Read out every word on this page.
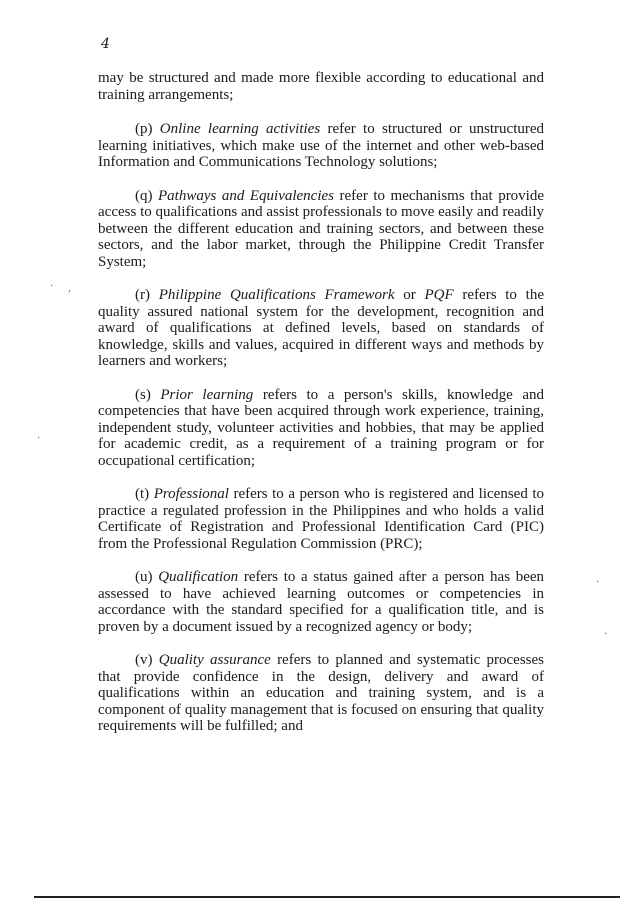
4

may be structured and made more flexible according to educational and training arrangements;

(p) Online learning activities refer to structured or unstructured learning initiatives, which make use of the internet and other web-based Information and Communications Technology solutions;

(q) Pathways and Equivalencies refer to mechanisms that provide access to qualifications and assist professionals to move easily and readily between the different education and training sectors, and between these sectors, and the labor market, through the Philippine Credit Transfer System;

(r) Philippine Qualifications Framework or PQF refers to the quality assured national system for the development, recognition and award of qualifications at defined levels, based on standards of knowledge, skills and values, acquired in different ways and methods by learners and workers;

(s) Prior learning refers to a person's skills, knowledge and competencies that have been acquired through work experience, training, independent study, volunteer activities and hobbies, that may be applied for academic credit, as a requirement of a training program or for occupational certification;

(t) Professional refers to a person who is registered and licensed to practice a regulated profession in the Philippines and who holds a valid Certificate of Registration and Professional Identification Card (PIC) from the Professional Regulation Commission (PRC);

(u) Qualification refers to a status gained after a person has been assessed to have achieved learning outcomes or competencies in accordance with the standard specified for a qualification title, and is proven by a document issued by a recognized agency or body;

(v) Quality assurance refers to planned and systematic processes that provide confidence in the design, delivery and award of qualifications within an education and training system, and is a component of quality management that is focused on ensuring that quality requirements will be fulfilled; and

· ,
·
·
·
